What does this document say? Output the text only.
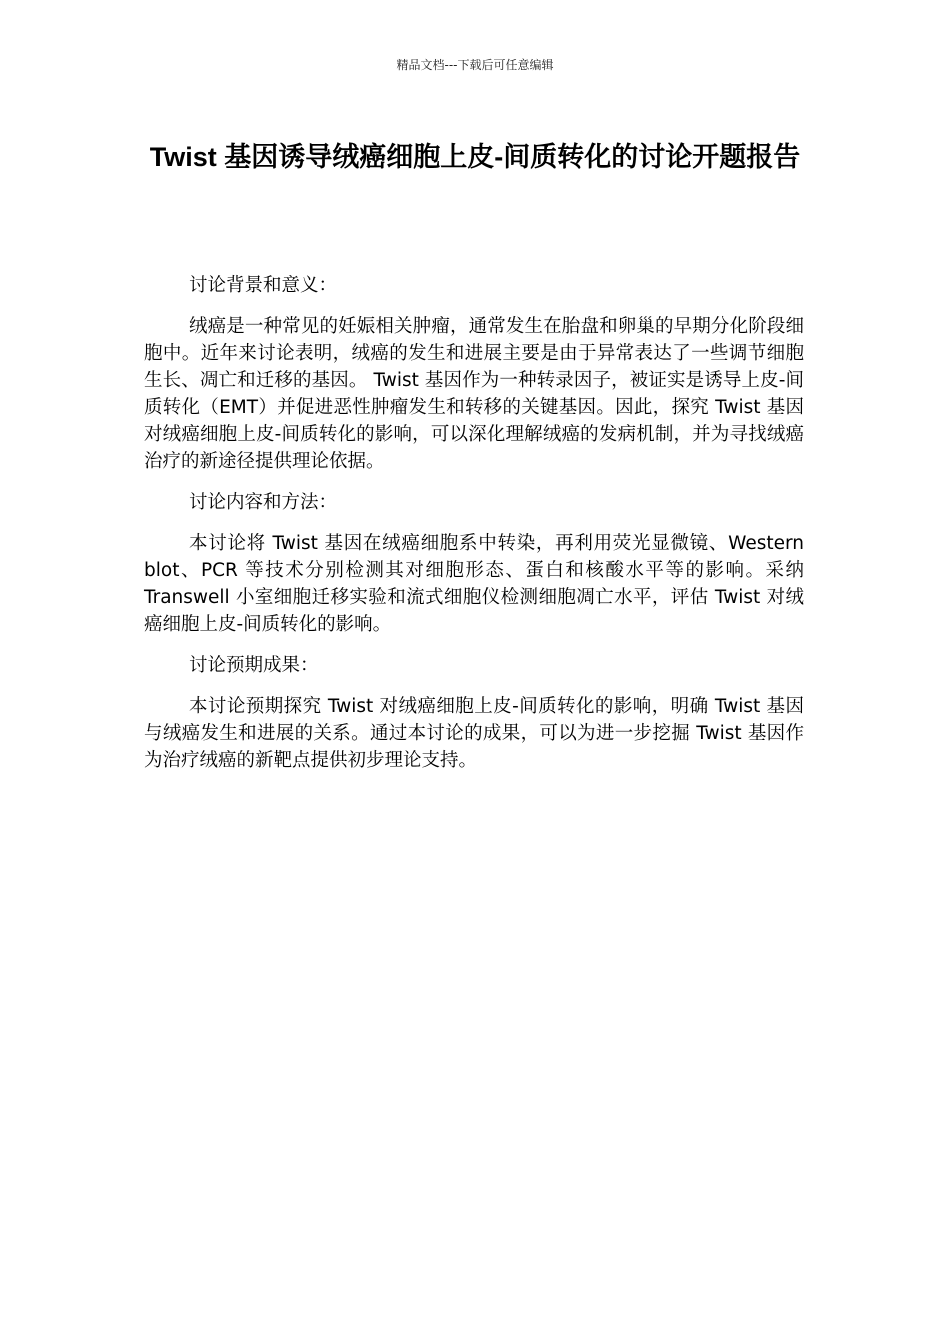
精品文档---下载后可任意编辑
Twist 基因诱导绒癌细胞上皮-间质转化的讨论开题报告

讨论背景和意义：

绒癌是一种常见的妊娠相关肿瘤，通常发生在胎盘和卵巢的早期分化阶段细胞中。近年来讨论表明，绒癌的发生和进展主要是由于异常表达了一些调节细胞生长、凋亡和迁移的基因。 Twist 基因作为一种转录因子，被证实是诱导上皮-间质转化（EMT）并促进恶性肿瘤发生和转移的关键基因。因此，探究 Twist 基因对绒癌细胞上皮-间质转化的影响，可以深化理解绒癌的发病机制，并为寻找绒癌治疗的新途径提供理论依据。

讨论内容和方法：

本讨论将 Twist 基因在绒癌细胞系中转染，再利用荧光显微镜、Western blot、PCR 等技术分别检测其对细胞形态、蛋白和核酸水平等的影响。采纳 Transwell 小室细胞迁移实验和流式细胞仪检测细胞凋亡水平，评估 Twist 对绒癌细胞上皮-间质转化的影响。

讨论预期成果：

本讨论预期探究 Twist 对绒癌细胞上皮-间质转化的影响，明确 Twist 基因与绒癌发生和进展的关系。通过本讨论的成果，可以为进一步挖掘 Twist 基因作为治疗绒癌的新靶点提供初步理论支持。
